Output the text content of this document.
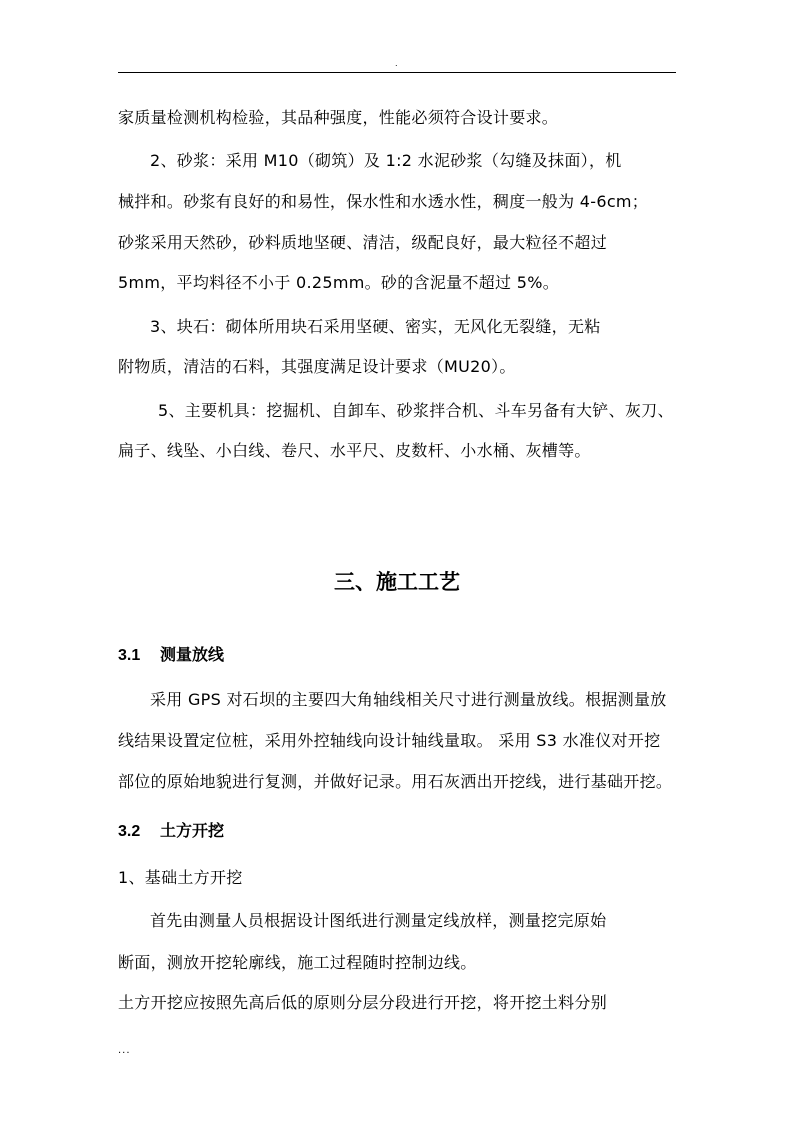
.
家质量检测机构检验，其品种强度，性能必须符合设计要求。
2、砂浆：采用 M10（砌筑）及 1:2 水泥砂浆（勾缝及抹面），机
械拌和。砂浆有良好的和易性，保水性和水透水性，稠度一般为 4-6cm；
砂浆采用天然砂，砂料质地坚硬、清洁，级配良好，最大粒径不超过
5mm，平均料径不小于 0.25mm。砂的含泥量不超过 5%。
3、块石：砌体所用块石采用坚硬、密实，无风化无裂缝，无粘
附物质，清洁的石料，其强度满足设计要求（MU20）。
5、主要机具：挖掘机、自卸车、砂浆拌合机、斗车另备有大铲、灰刀、
扁子、线坠、小白线、卷尺、水平尺、皮数杆、小水桶、灰槽等。
三、施工工艺
3.1 测量放线
采用 GPS 对石坝的主要四大角轴线相关尺寸进行测量放线。根据测量放
线结果设置定位桩，采用外控轴线向设计轴线量取。 采用 S3 水准仪对开挖
部位的原始地貌进行复测，并做好记录。用石灰洒出开挖线，进行基础开挖。
3.2 土方开挖
1、基础土方开挖
首先由测量人员根据设计图纸进行测量定线放样，测量挖完原始
断面，测放开挖轮廓线，施工过程随时控制边线。
土方开挖应按照先高后低的原则分层分段进行开挖，将开挖土料分别
...
